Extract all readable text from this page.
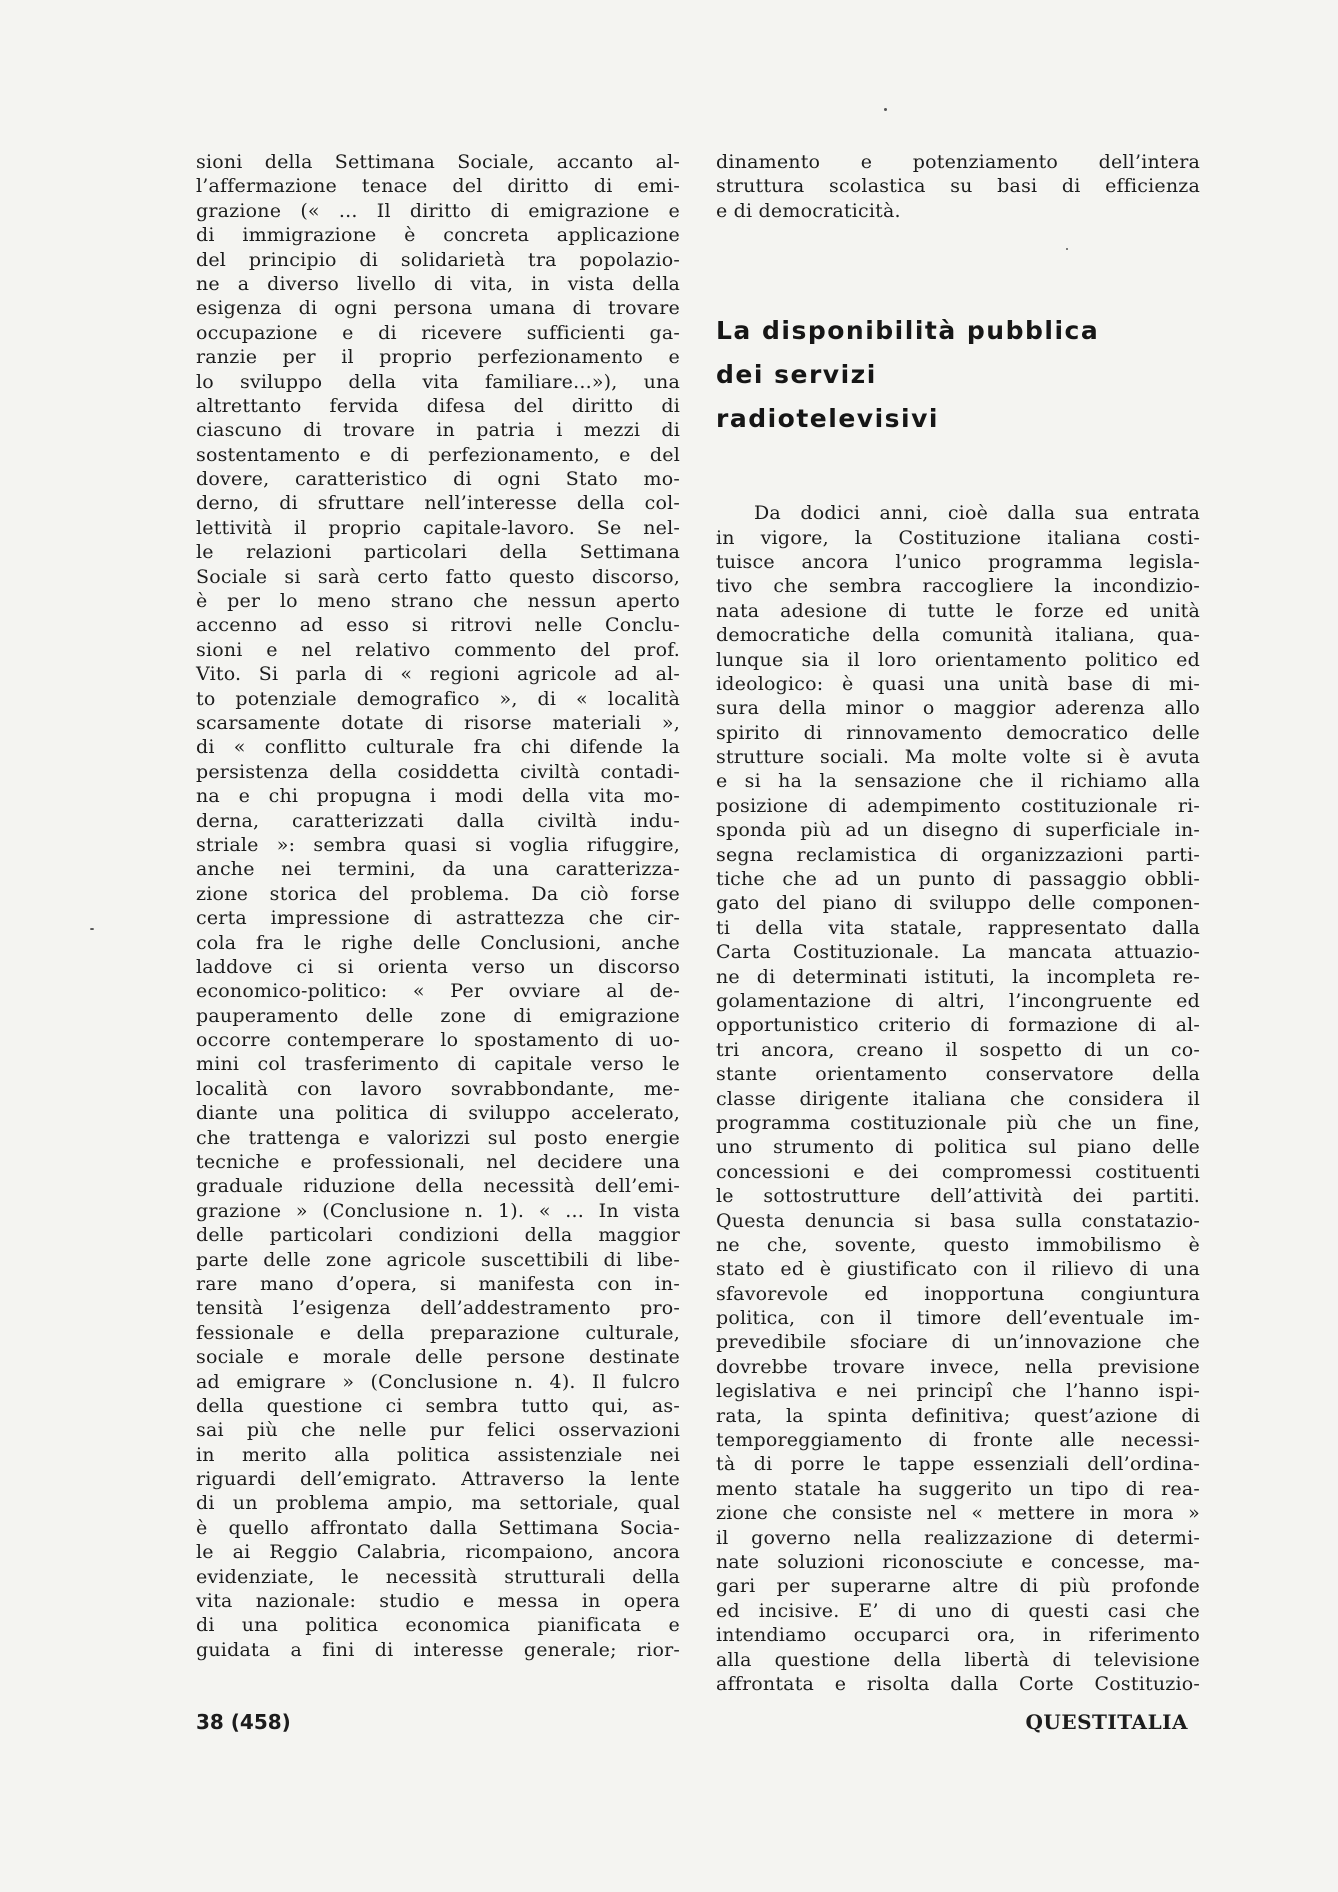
sioni della Settimana Sociale, accanto al-
l’affermazione tenace del diritto di emi-
grazione (« ... Il diritto di emigrazione e
di immigrazione è concreta applicazione
del principio di solidarietà tra popolazio-
ne a diverso livello di vita, in vista della
esigenza di ogni persona umana di trovare
occupazione e di ricevere sufficienti ga-
ranzie per il proprio perfezionamento e
lo sviluppo della vita familiare...»), una
altrettanto fervida difesa del diritto di
ciascuno di trovare in patria i mezzi di
sostentamento e di perfezionamento, e del
dovere, caratteristico di ogni Stato mo-
derno, di sfruttare nell’interesse della col-
lettività il proprio capitale-lavoro. Se nel-
le relazioni particolari della Settimana
Sociale si sarà certo fatto questo discorso,
è per lo meno strano che nessun aperto
accenno ad esso si ritrovi nelle Conclu-
sioni e nel relativo commento del prof.
Vito. Si parla di « regioni agricole ad al-
to potenziale demografico », di « località
scarsamente dotate di risorse materiali »,
di « conflitto culturale fra chi difende la
persistenza della cosiddetta civiltà contadi-
na e chi propugna i modi della vita mo-
derna, caratterizzati dalla civiltà indu-
striale »: sembra quasi si voglia rifuggire,
anche nei termini, da una caratterizza-
zione storica del problema. Da ciò forse
certa impressione di astrattezza che cir-
cola fra le righe delle Conclusioni, anche
laddove ci si orienta verso un discorso
economico-politico: « Per ovviare al de-
pauperamento delle zone di emigrazione
occorre contemperare lo spostamento di uo-
mini col trasferimento di capitale verso le
località con lavoro sovrabbondante, me-
diante una politica di sviluppo accelerato,
che trattenga e valorizzi sul posto energie
tecniche e professionali, nel decidere una
graduale riduzione della necessità dell’emi-
grazione » (Conclusione n. 1). « ... In vista
delle particolari condizioni della maggior
parte delle zone agricole suscettibili di libe-
rare mano d’opera, si manifesta con in-
tensità l’esigenza dell’addestramento pro-
fessionale e della preparazione culturale,
sociale e morale delle persone destinate
ad emigrare » (Conclusione n. 4). Il fulcro
della questione ci sembra tutto qui, as-
sai più che nelle pur felici osservazioni
in merito alla politica assistenziale nei
riguardi dell’emigrato. Attraverso la lente
di un problema ampio, ma settoriale, qual
è quello affrontato dalla Settimana Socia-
le ai Reggio Calabria, ricompaiono, ancora
evidenziate, le necessità strutturali della
vita nazionale: studio e messa in opera
di una politica economica pianificata e
guidata a fini di interesse generale; rior-
dinamento e potenziamento dell’intera
struttura scolastica su basi di efficienza
e di democraticità.
La disponibilità pubblica
dei servizi
radiotelevisivi
Da dodici anni, cioè dalla sua entrata
in vigore, la Costituzione italiana costi-
tuisce ancora l’unico programma legisla-
tivo che sembra raccogliere la incondizio-
nata adesione di tutte le forze ed unità
democratiche della comunità italiana, qua-
lunque sia il loro orientamento politico ed
ideologico: è quasi una unità base di mi-
sura della minor o maggior aderenza allo
spirito di rinnovamento democratico delle
strutture sociali. Ma molte volte si è avuta
e si ha la sensazione che il richiamo alla
posizione di adempimento costituzionale ri-
sponda più ad un disegno di superficiale in-
segna reclamistica di organizzazioni parti-
tiche che ad un punto di passaggio obbli-
gato del piano di sviluppo delle componen-
ti della vita statale, rappresentato dalla
Carta Costituzionale. La mancata attuazio-
ne di determinati istituti, la incompleta re-
golamentazione di altri, l’incongruente ed
opportunistico criterio di formazione di al-
tri ancora, creano il sospetto di un co-
stante orientamento conservatore della
classe dirigente italiana che considera il
programma costituzionale più che un fine,
uno strumento di politica sul piano delle
concessioni e dei compromessi costituenti
le sottostrutture dell’attività dei partiti.
Questa denuncia si basa sulla constatazio-
ne che, sovente, questo immobilismo è
stato ed è giustificato con il rilievo di una
sfavorevole ed inopportuna congiuntura
politica, con il timore dell’eventuale im-
prevedibile sfociare di un’innovazione che
dovrebbe trovare invece, nella previsione
legislativa e nei principî che l’hanno ispi-
rata, la spinta definitiva; quest’azione di
temporeggiamento di fronte alle necessi-
tà di porre le tappe essenziali dell’ordina-
mento statale ha suggerito un tipo di rea-
zione che consiste nel « mettere in mora »
il governo nella realizzazione di determi-
nate soluzioni riconosciute e concesse, ma-
gari per superarne altre di più profonde
ed incisive. E’ di uno di questi casi che
intendiamo occuparci ora, in riferimento
alla questione della libertà di televisione
affrontata e risolta dalla Corte Costituzio-
38 (458)	QUESTITALIA
